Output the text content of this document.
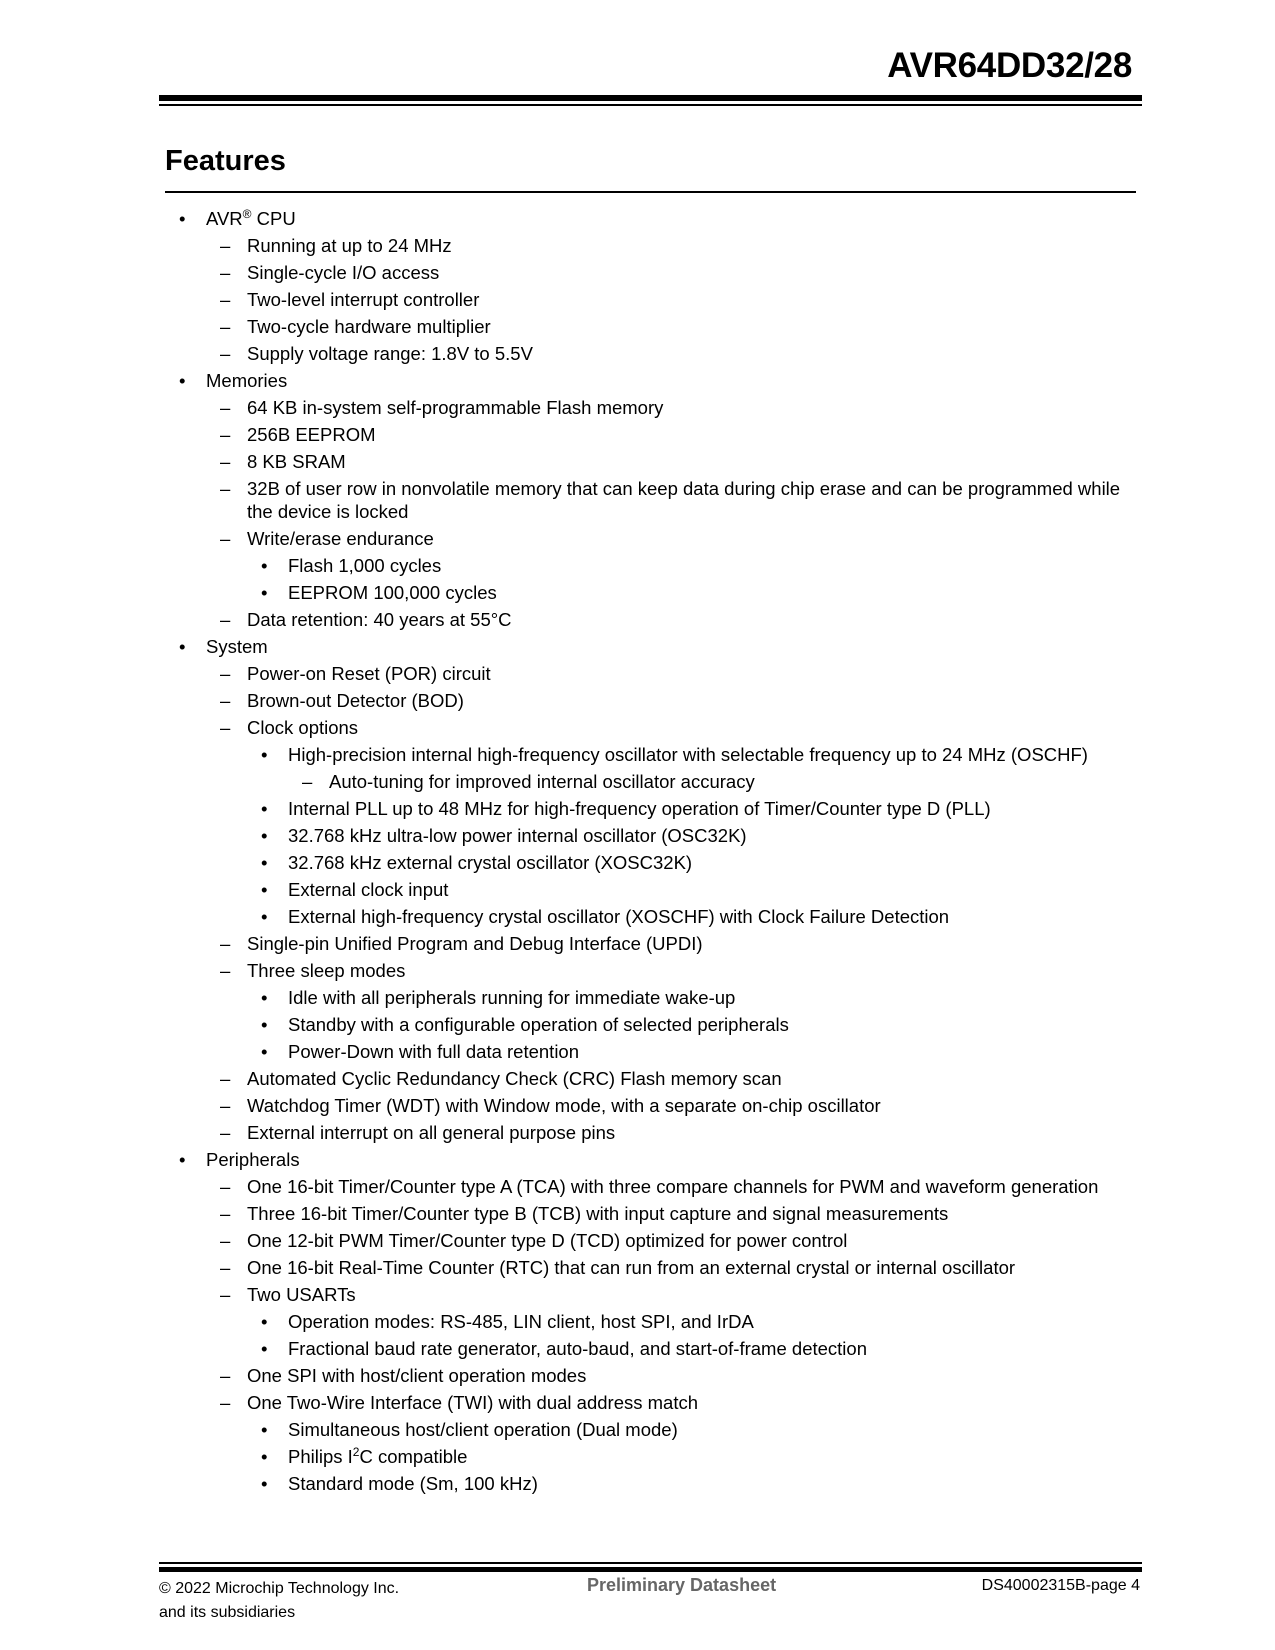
AVR64DD32/28
Features
• AVR® CPU
– Running at up to 24 MHz
– Single-cycle I/O access
– Two-level interrupt controller
– Two-cycle hardware multiplier
– Supply voltage range: 1.8V to 5.5V
• Memories
– 64 KB in-system self-programmable Flash memory
– 256B EEPROM
– 8 KB SRAM
– 32B of user row in nonvolatile memory that can keep data during chip erase and can be programmed while the device is locked
– Write/erase endurance
• Flash 1,000 cycles
• EEPROM 100,000 cycles
– Data retention: 40 years at 55°C
• System
– Power-on Reset (POR) circuit
– Brown-out Detector (BOD)
– Clock options
• High-precision internal high-frequency oscillator with selectable frequency up to 24 MHz (OSCHF)
– Auto-tuning for improved internal oscillator accuracy
• Internal PLL up to 48 MHz for high-frequency operation of Timer/Counter type D (PLL)
• 32.768 kHz ultra-low power internal oscillator (OSC32K)
• 32.768 kHz external crystal oscillator (XOSC32K)
• External clock input
• External high-frequency crystal oscillator (XOSCHF) with Clock Failure Detection
– Single-pin Unified Program and Debug Interface (UPDI)
– Three sleep modes
• Idle with all peripherals running for immediate wake-up
• Standby with a configurable operation of selected peripherals
• Power-Down with full data retention
– Automated Cyclic Redundancy Check (CRC) Flash memory scan
– Watchdog Timer (WDT) with Window mode, with a separate on-chip oscillator
– External interrupt on all general purpose pins
• Peripherals
– One 16-bit Timer/Counter type A (TCA) with three compare channels for PWM and waveform generation
– Three 16-bit Timer/Counter type B (TCB) with input capture and signal measurements
– One 12-bit PWM Timer/Counter type D (TCD) optimized for power control
– One 16-bit Real-Time Counter (RTC) that can run from an external crystal or internal oscillator
– Two USARTs
• Operation modes: RS-485, LIN client, host SPI, and IrDA
• Fractional baud rate generator, auto-baud, and start-of-frame detection
– One SPI with host/client operation modes
– One Two-Wire Interface (TWI) with dual address match
• Simultaneous host/client operation (Dual mode)
• Philips $I^2C$ compatible
• Standard mode (Sm, 100 kHz)
© 2022 Microchip Technology Inc.
and its subsidiaries
Preliminary Datasheet	DS40002315B-page 4
